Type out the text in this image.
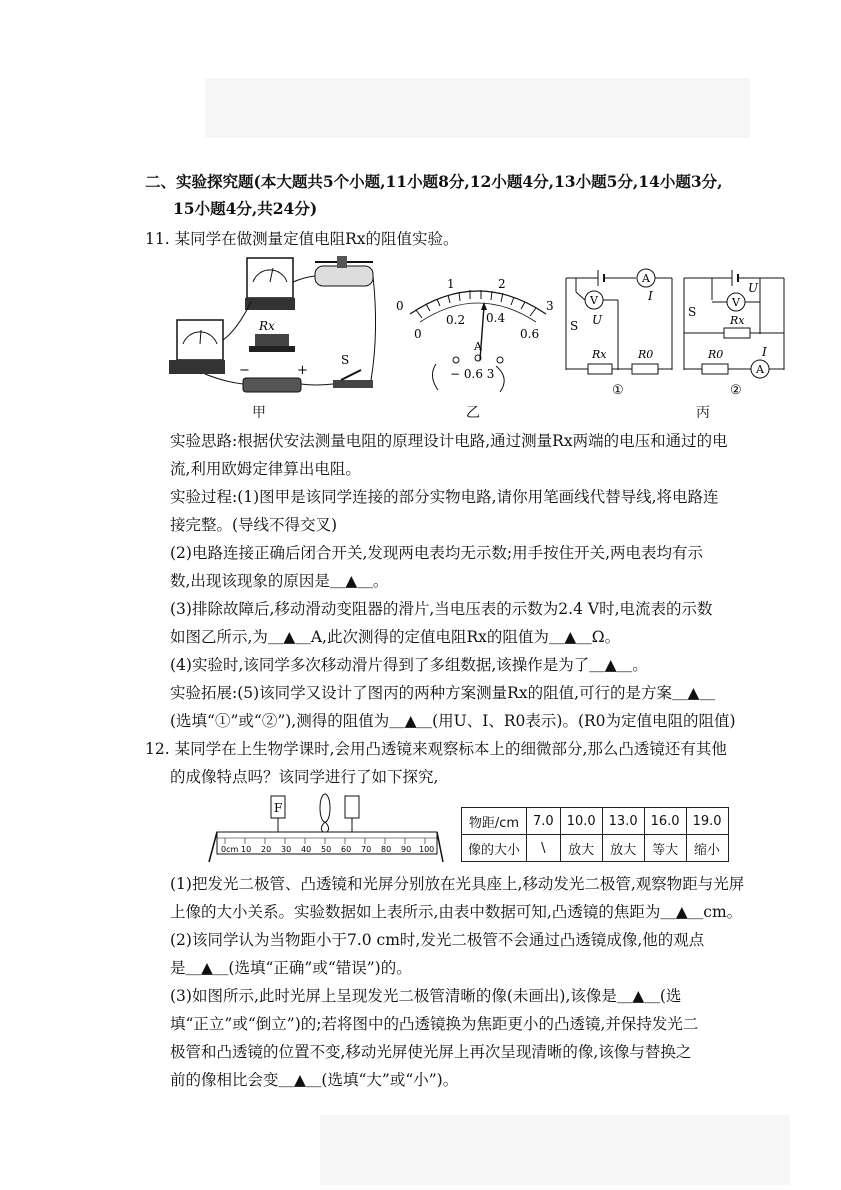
二、实验探究题(本大题共5个小题,11小题8分,12小题4分,13小题5分,14小题3分,
15小题4分,共24分)
11. 某同学在做测量定值电阻Rx的阻值实验。
Rx
−	+
S
甲
0
1	2
3
0
0.2 0.4
0.6
A
− 0.6 3
乙
A
I
V
U
S
Rx	R0
①
V
U
S
Rx
R0
A
I
②
丙
实验思路:根据伏安法测量电阻的原理设计电路,通过测量Rx两端的电压和通过的电
流,利用欧姆定律算出电阻。
实验过程:(1)图甲是该同学连接的部分实物电路,请你用笔画线代替导线,将电路连
接完整。(导线不得交叉)
(2)电路连接正确后闭合开关,发现两电表均无示数;用手按住开关,两电表均有示
数,出现该现象的原因是＿▲＿。
(3)排除故障后,移动滑动变阻器的滑片,当电压表的示数为2.4 V时,电流表的示数
如图乙所示,为＿▲＿A,此次测得的定值电阻Rx的阻值为＿▲＿Ω。
(4)实验时,该同学多次移动滑片得到了多组数据,该操作是为了＿▲＿。
实验拓展:(5)该同学又设计了图丙的两种方案测量Rx的阻值,可行的是方案＿▲＿
(选填“①”或“②”),测得的阻值为＿▲＿(用U、I、R0表示)。(R0为定值电阻的阻值)
12. 某同学在上生物学课时,会用凸透镜来观察标本上的细微部分,那么凸透镜还有其他
的成像特点吗？该同学进行了如下探究,
0cm 10 20 30 40 50 60 70 80 90 100
F
物距/cm	7.0	10.0	13.0	16.0	19.0
像的大小	\	放大	放大	等大	缩小
(1)把发光二极管、凸透镜和光屏分别放在光具座上,移动发光二极管,观察物距与光屏
上像的大小关系。实验数据如上表所示,由表中数据可知,凸透镜的焦距为＿▲＿cm。
(2)该同学认为当物距小于7.0 cm时,发光二极管不会通过凸透镜成像,他的观点
是＿▲＿(选填“正确”或“错误”)的。
(3)如图所示,此时光屏上呈现发光二极管清晰的像(未画出),该像是＿▲＿(选
填“正立”或“倒立”)的;若将图中的凸透镜换为焦距更小的凸透镜,并保持发光二
极管和凸透镜的位置不变,移动光屏使光屏上再次呈现清晰的像,该像与替换之
前的像相比会变＿▲＿(选填“大”或“小”)。
